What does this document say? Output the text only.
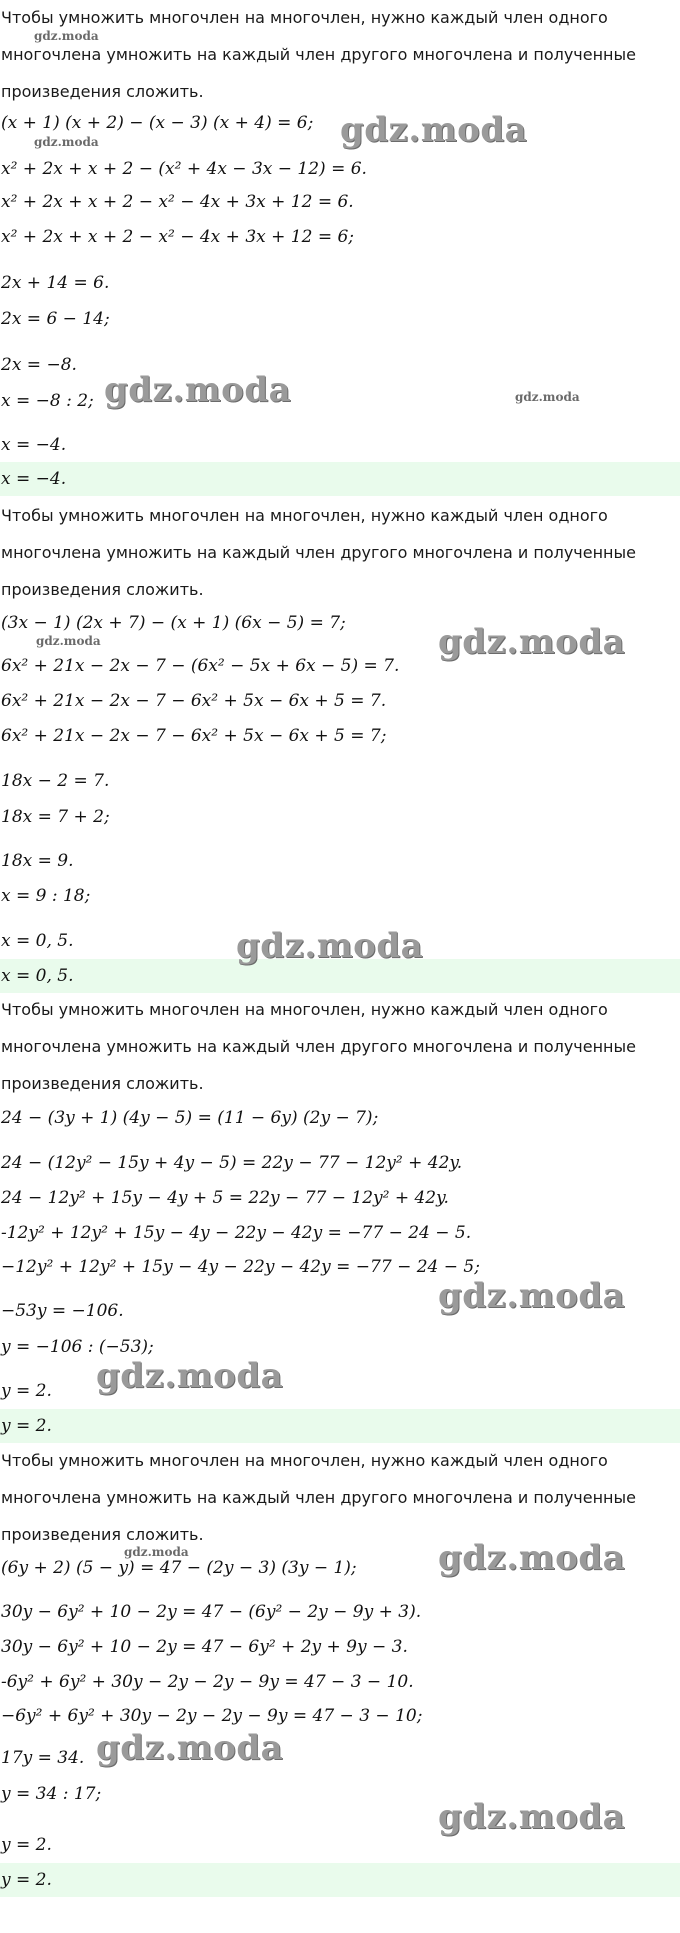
Чтобы умножить многочлен на многочлен, нужно каждый член одного
многочлена умножить на каждый член другого многочлена и полученные
произведения сложить.
(x + 1) (x + 2) − (x − 3) (x + 4) = 6;
x² + 2x + x + 2 − (x² + 4x − 3x − 12) = 6.
x² + 2x + x + 2 − x² − 4x + 3x + 12 = 6.
x² + 2x + x + 2 − x² − 4x + 3x + 12 = 6;
2x + 14 = 6.
2x = 6 − 14;
2x = −8.
x = −8 : 2;
x = −4.
x = −4.
Чтобы умножить многочлен на многочлен, нужно каждый член одного
многочлена умножить на каждый член другого многочлена и полученные
произведения сложить.
(3x − 1) (2x + 7) − (x + 1) (6x − 5) = 7;
6x² + 21x − 2x − 7 − (6x² − 5x + 6x − 5) = 7.
6x² + 21x − 2x − 7 − 6x² + 5x − 6x + 5 = 7.
6x² + 21x − 2x − 7 − 6x² + 5x − 6x + 5 = 7;
18x − 2 = 7.
18x = 7 + 2;
18x = 9.
x = 9 : 18;
x = 0, 5.
x = 0, 5.
Чтобы умножить многочлен на многочлен, нужно каждый член одного
многочлена умножить на каждый член другого многочлена и полученные
произведения сложить.
24 − (3y + 1) (4y − 5) = (11 − 6y) (2y − 7);
24 − (12y² − 15y + 4y − 5) = 22y − 77 − 12y² + 42y.
24 − 12y² + 15y − 4y + 5 = 22y − 77 − 12y² + 42y.
-12y² + 12y² + 15y − 4y − 22y − 42y = −77 − 24 − 5.
−12y² + 12y² + 15y − 4y − 22y − 42y = −77 − 24 − 5;
−53y = −106.
y = −106 : (−53);
y = 2.
y = 2.
Чтобы умножить многочлен на многочлен, нужно каждый член одного
многочлена умножить на каждый член другого многочлена и полученные
произведения сложить.
(6y + 2) (5 − y) = 47 − (2y − 3) (3y − 1);
30y − 6y² + 10 − 2y = 47 − (6y² − 2y − 9y + 3).
30y − 6y² + 10 − 2y = 47 − 6y² + 2y + 9y − 3.
-6y² + 6y² + 30y − 2y − 2y − 9y = 47 − 3 − 10.
−6y² + 6y² + 30y − 2y − 2y − 9y = 47 − 3 − 10;
17y = 34.
y = 34 : 17;
y = 2.
y = 2.
gdz.moda
gdz.moda
gdz.moda
gdz.moda	gdz.moda
gdz.moda	gdz.moda
gdz.moda
gdz.moda
gdz.moda
gdz.moda	gdz.moda
gdz.moda
gdz.moda
